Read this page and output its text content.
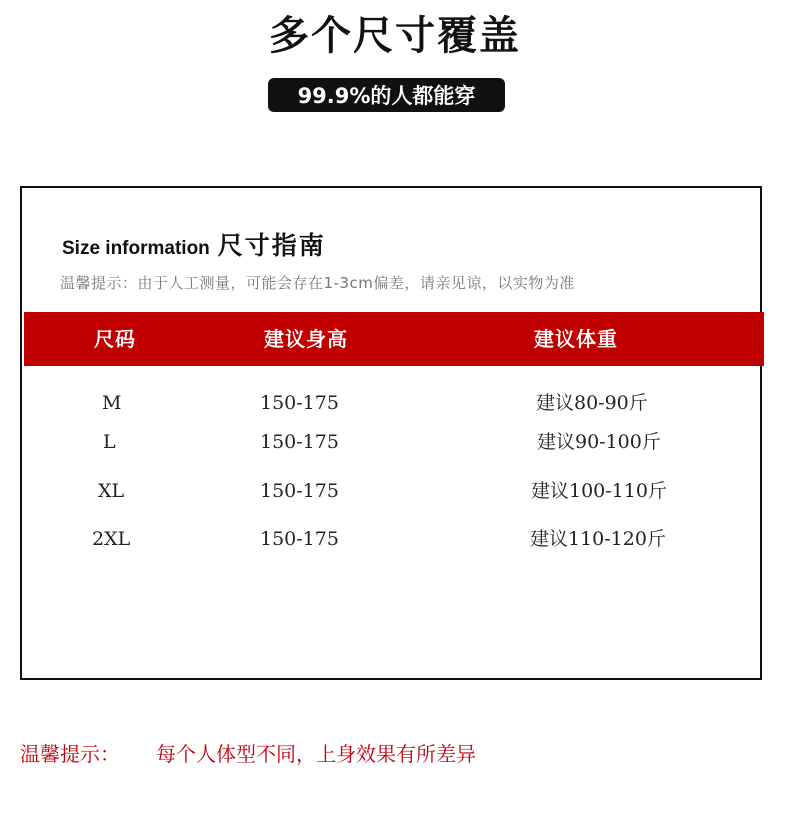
多个尺寸覆盖
99.9%的人都能穿
Size information 尺寸指南
温馨提示：由于人工测量，可能会存在1-3cm偏差，请亲见谅，以实物为准
尺码	建议身高	建议体重
M	150-175	建议80-90斤
L	150-175	建议90-100斤
XL	150-175	建议100-110斤
2XL	150-175	建议110-120斤
温馨提示： 每个人体型不同，上身效果有所差异
